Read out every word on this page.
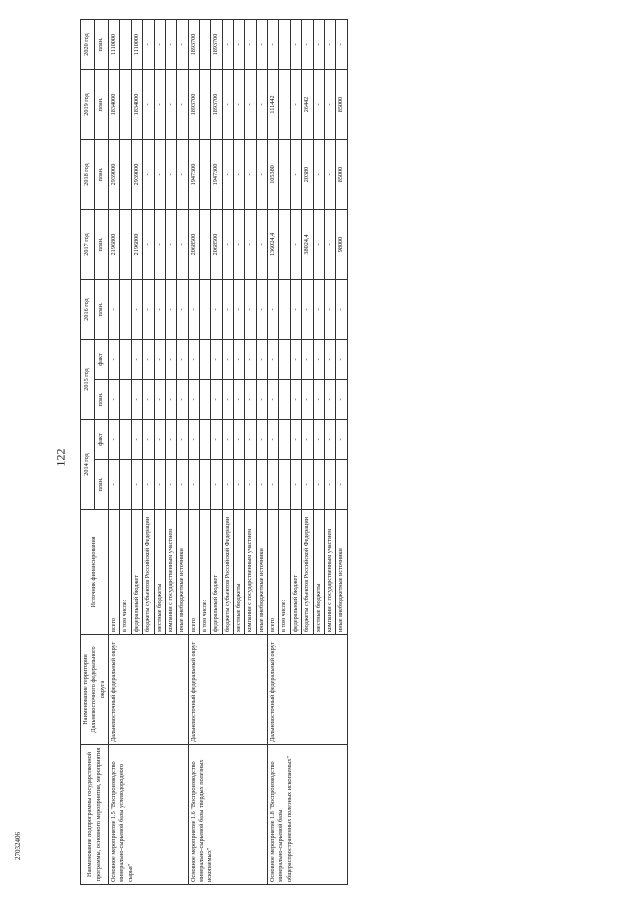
122
27032406	Наименование подпрограммы государственной программы, основного мероприятия, мероприятия	Наименование территории Дальневосточного федерального округа	Источник финансирования	2014 год		2015 год		2016 год	2017 год	2018 год	2019 год	2020 год
			план.	факт	план.	факт	план.	план.	план.	план.	план.
Основное мероприятие 1.5 "Воспроизводство минерально-сырьевой базы углеводородного сырья"	Дальневосточный федеральный округ	всего	-	-	-	-	-	2196800	2939000	1834000	1110000
		в том числе:									
		федеральный бюджет	-	-	-	-	-	2196800	2939000	1834000	1110000
		бюджеты субъектов Российской Федерации	-	-	-	-	-	-	-	-	-
		местные бюджеты	-	-	-	-	-	-	-	-	-
		компании с государственным участием	-	-	-	-	-	-	-	-	-
		иные внебюджетные источники	-	-	-	-	-	-	-	-	-
Основное мероприятие 1.6 "Воспроизводство минерально-сырьевой базы твердых полезных ископаемых"	Дальневосточный федеральный округ	всего	-	-	-	-	-	2068500	1947300	1893700	1893700
		в том числе:									
		федеральный бюджет	-	-	-	-	-	2068500	1947300	1893700	1893700
		бюджеты субъектов Российской Федерации	-	-	-	-	-	-	-	-	-
		местные бюджеты	-	-	-	-	-	-	-	-	-
		компании с государственным участием	-	-	-	-	-	-	-	-	-
		иные внебюджетные источники	-	-	-	-	-	-	-	-	-
Основное мероприятие 1.8 "Воспроизводство минерально-сырьевой базы общераспространенных полезных ископаемых"	Дальневосточный федеральный округ	всего	-	-	-	-	-	136024,4	105380	111442	-
		в том числе:									
		федеральный бюджет	-	-	-	-	-	-	-	-	-
		бюджеты субъектов Российской Федерации	-	-	-	-	-	38024,4	20380	26442	-
		местные бюджеты	-	-	-	-	-	-	-	-	-
		компании с государственным участием	-	-	-	-	-	-	-	-	-
		иные внебюджетные источники	-	-	-	-	-	98000	85000	85000	-
